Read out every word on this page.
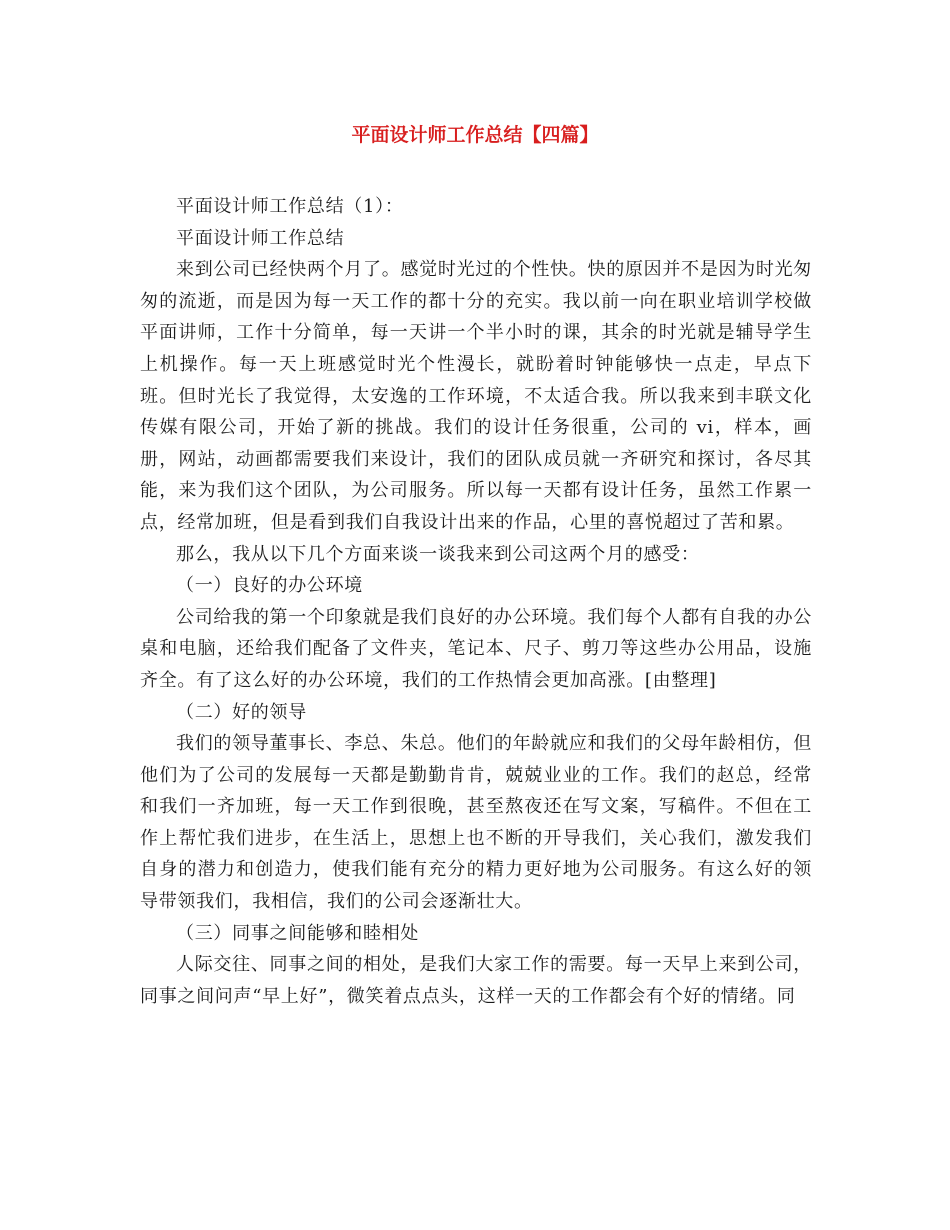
平面设计师工作总结【四篇】

平面设计师工作总结（1）：

平面设计师工作总结

来到公司已经快两个月了。感觉时光过的个性快。快的原因并不是因为时光匆匆的流逝，而是因为每一天工作的都十分的充实。我以前一向在职业培训学校做平面讲师，工作十分简单，每一天讲一个半小时的课，其余的时光就是辅导学生上机操作。每一天上班感觉时光个性漫长，就盼着时钟能够快一点走，早点下班。但时光长了我觉得，太安逸的工作环境，不太适合我。所以我来到丰联文化传媒有限公司，开始了新的挑战。我们的设计任务很重，公司的 vi，样本，画册，网站，动画都需要我们来设计，我们的团队成员就一齐研究和探讨，各尽其能，来为我们这个团队，为公司服务。所以每一天都有设计任务，虽然工作累一点，经常加班，但是看到我们自我设计出来的作品，心里的喜悦超过了苦和累。

那么，我从以下几个方面来谈一谈我来到公司这两个月的感受：

（一）良好的办公环境

公司给我的第一个印象就是我们良好的办公环境。我们每个人都有自我的办公桌和电脑，还给我们配备了文件夹，笔记本、尺子、剪刀等这些办公用品，设施齐全。有了这么好的办公环境，我们的工作热情会更加高涨。[由整理]

（二）好的领导

我们的领导董事长、李总、朱总。他们的年龄就应和我们的父母年龄相仿，但他们为了公司的发展每一天都是勤勤肯肯，兢兢业业的工作。我们的赵总，经常和我们一齐加班，每一天工作到很晚，甚至熬夜还在写文案，写稿件。不但在工作上帮忙我们进步，在生活上，思想上也不断的开导我们，关心我们，激发我们自身的潜力和创造力，使我们能有充分的精力更好地为公司服务。有这么好的领导带领我们，我相信，我们的公司会逐渐壮大。

（三）同事之间能够和睦相处

人际交往、同事之间的相处，是我们大家工作的需要。每一天早上来到公司，同事之间问声“早上好”，微笑着点点头，这样一天的工作都会有个好的情绪。同
